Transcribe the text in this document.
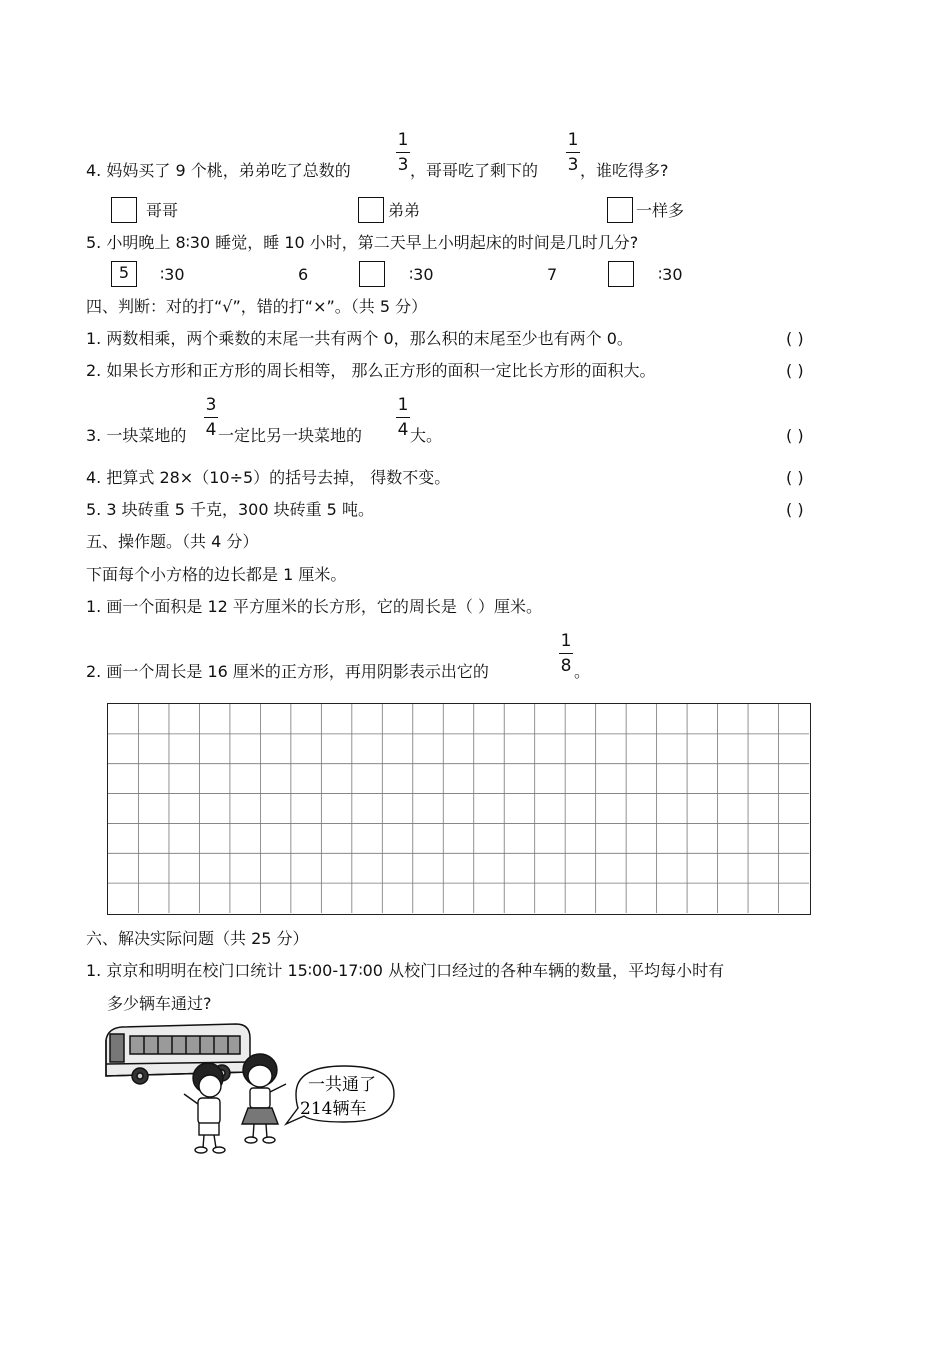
4. 妈妈买了 9 个桃，弟弟吃了总数的
1
3 ，哥哥吃了剩下的
1
3 ，谁吃得多?
哥哥	弟弟	一样多
5. 小明晚上 8∶30 睡觉，睡 10 小时，第二天早上小明起床的时间是几时几分?
5	∶30	6	∶30	7	∶30
四、判断：对的打“√”，错的打“×”。（共 5 分）
1. 两数相乘，两个乘数的末尾一共有两个 0，那么积的末尾至少也有两个 0。	( )
2. 如果长方形和正方形的周长相等， 那么正方形的面积一定比长方形的面积大。	( )
3. 一块菜地的
3
4 一定比另一块菜地的
1
4 大。	( )
4. 把算式 28×（10÷5）的括号去掉， 得数不变。	( )
5. 3 块砖重 5 千克，300 块砖重 5 吨。	( )
五、操作题。（共 4 分）
下面每个小方格的边长都是 1 厘米。
1. 画一个面积是 12 平方厘米的长方形，它的周长是（ ）厘米。
2. 画一个周长是 16 厘米的正方形，再用阴影表示出它的
1
8 。
六、解决实际问题（共 25 分）
1. 京京和明明在校门口统计 15∶00-17∶00 从校门口经过的各种车辆的数量，平均每小时有
多少辆车通过?
一共通了
214辆车
